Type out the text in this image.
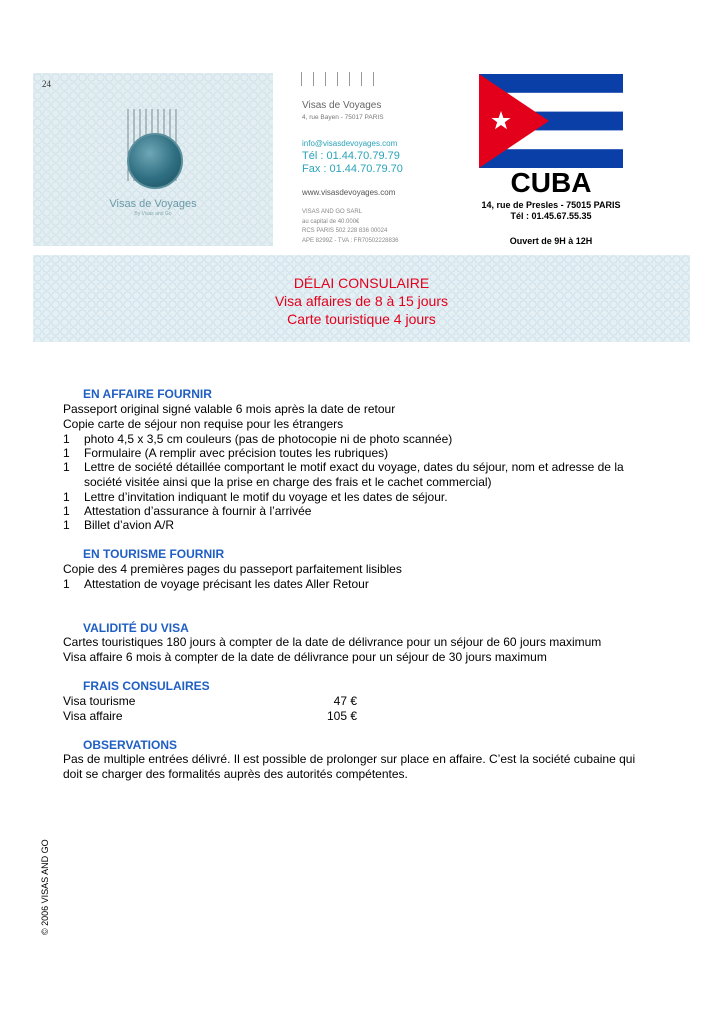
Visas de Voyages
By Visas and Go
24
Visas de Voyages
4, rue Bayen - 75017 PARIS
info@visasdevoyages.com
Tél : 01.44.70.79.79
Fax : 01.44.70.79.70
www.visasdevoyages.com
VISAS AND GO SARL
au capital de 40.000€
RCS PARIS 502 228 836 00024
APE 8299Z - TVA : FR70502228836
CUBA
14, rue de Presles - 75015 PARIS
Tél : 01.45.67.55.35
Ouvert de 9H à 12H
DÉLAI CONSULAIRE
Visa affaires de 8 à 15 jours
Carte touristique 4 jours
EN AFFAIRE FOURNIR
Passeport original signé valable 6 mois après la date de retour
Copie carte de séjour non requise pour les étrangers
1 photo 4,5 x 3,5 cm couleurs (pas de photocopie ni de photo scannée)
1 Formulaire (A remplir avec précision toutes les rubriques)
1 Lettre de société détaillée comportant le motif exact du voyage, dates du séjour, nom et adresse de la société visitée ainsi que la prise en charge des frais et le cachet commercial)
1 Lettre d’invitation indiquant le motif du voyage et les dates de séjour.
1 Attestation d’assurance à fournir à l’arrivée
1 Billet d’avion A/R
EN TOURISME FOURNIR
Copie des 4 premières pages du passeport parfaitement lisibles
1 Attestation de voyage précisant les dates Aller Retour
VALIDITÉ DU VISA
Cartes touristiques 180 jours à compter de la date de délivrance pour un séjour de 60 jours maximum
Visa affaire 6 mois à compter de la date de délivrance pour un séjour de 30 jours maximum
FRAIS CONSULAIRES
Visa tourisme	47 €
Visa affaire	105 €
OBSERVATIONS
Pas de multiple entrées délivré. Il est possible de prolonger sur place en affaire. C’est la société cubaine qui doit se charger des formalités auprès des autorités compétentes.
© 2006 VISAS AND GO
